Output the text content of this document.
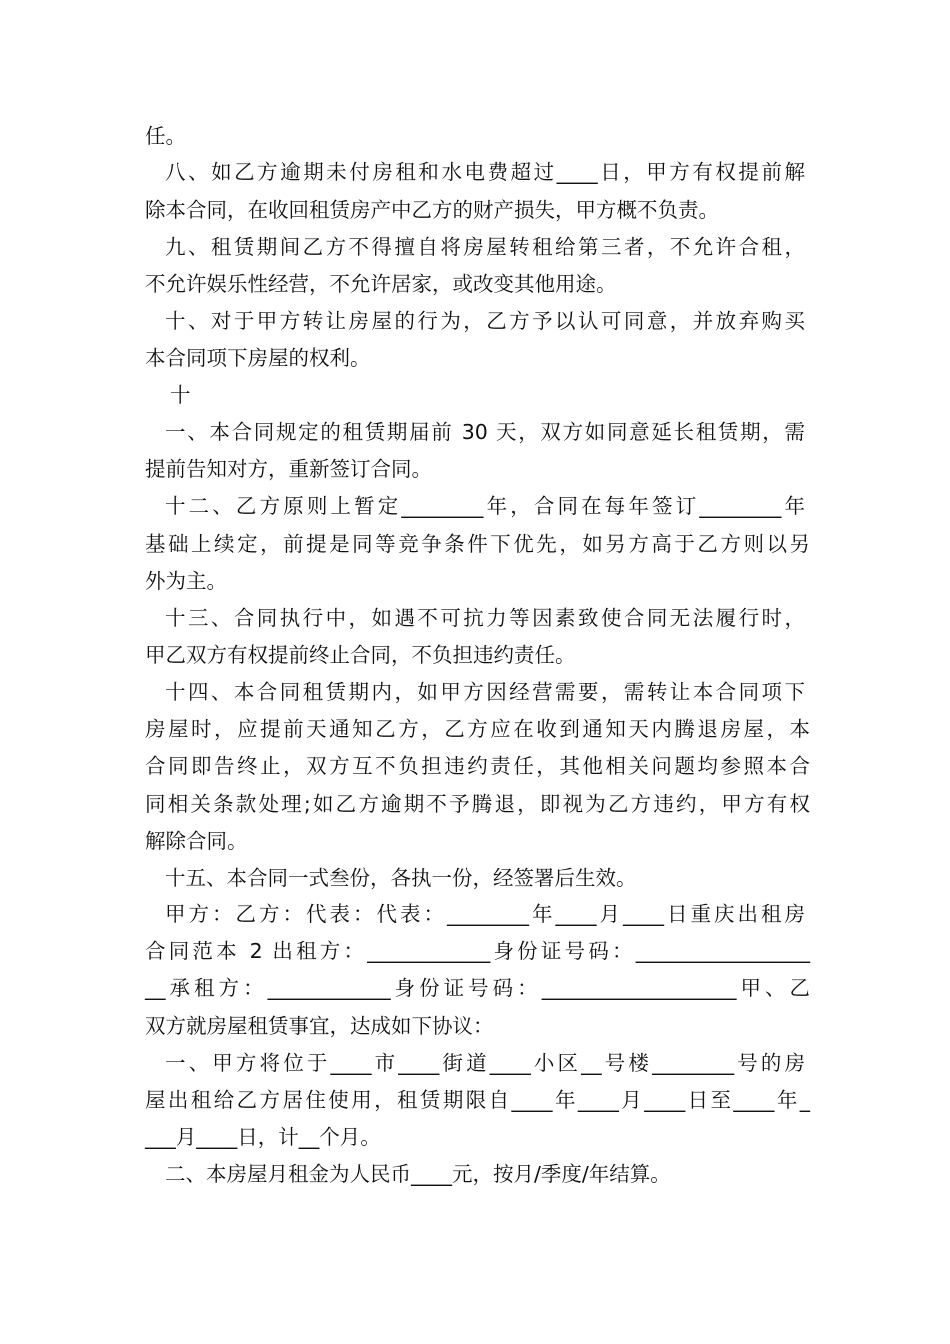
任。
八、如乙方逾期未付房租和水电费超过____日，甲方有权提前解
除本合同，在收回租赁房产中乙方的财产损失，甲方概不负责。
九、租赁期间乙方不得擅自将房屋转租给第三者，不允许合租，
不允许娱乐性经营，不允许居家，或改变其他用途。
十、对于甲方转让房屋的行为，乙方予以认可同意，并放弃购买
本合同项下房屋的权利。
十
一、本合同规定的租赁期届前 30 天，双方如同意延长租赁期，需
提前告知对方，重新签订合同。
十二、乙方原则上暂定________年，合同在每年签订________年
基础上续定，前提是同等竞争条件下优先，如另方高于乙方则以另
外为主。
十三、合同执行中，如遇不可抗力等因素致使合同无法履行时，
甲乙双方有权提前终止合同，不负担违约责任。
十四、本合同租赁期内，如甲方因经营需要，需转让本合同项下
房屋时，应提前天通知乙方，乙方应在收到通知天内腾退房屋，本
合同即告终止，双方互不负担违约责任，其他相关问题均参照本合
同相关条款处理;如乙方逾期不予腾退，即视为乙方违约，甲方有权
解除合同。
十五、本合同一式叁份，各执一份，经签署后生效。
甲方：乙方：代表：代表：________年____月____日重庆出租房
合同范本 2 出租方：____________身份证号码：_________________
__承租方：____________身份证号码：___________________甲、乙
双方就房屋租赁事宜，达成如下协议：
一、甲方将位于____市____街道____小区__号楼________号的房
屋出租给乙方居住使用，租赁期限自____年____月____日至____年_
___月____日，计__个月。
二、本房屋月租金为人民币____元，按月/季度/年结算。
